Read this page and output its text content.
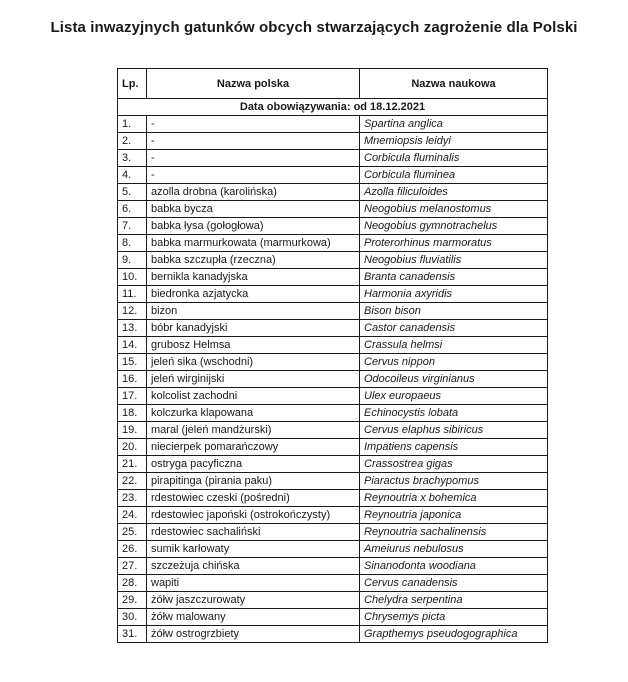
Lista inwazyjnych gatunków obcych stwarzających zagrożenie dla Polski
Lp.	Nazwa polska	Nazwa naukowa
Data obowiązywania: od 18.12.2021		
1.	-	Spartina anglica
2.	-	Mnemiopsis leidyi
3.	-	Corbicula fluminalis
4.	-	Corbicula fluminea
5.	azolla drobna (karolińska)	Azolla filiculoides
6.	babka bycza	Neogobius melanostomus
7.	babka łysa (gołogłowa)	Neogobius gymnotrachelus
8.	babka marmurkowata (marmurkowa)	Proterorhinus marmoratus
9.	babka szczupła (rzeczna)	Neogobius fluviatilis
10.	bernikla kanadyjska	Branta canadensis
11.	biedronka azjatycka	Harmonia axyridis
12.	bizon	Bison bison
13.	bóbr kanadyjski	Castor canadensis
14.	grubosz Helmsa	Crassula helmsi
15.	jeleń sika (wschodni)	Cervus nippon
16.	jeleń wirginijski	Odocoileus virginianus
17.	kolcolist zachodni	Ulex europaeus
18.	kolczurka klapowana	Echinocystis lobata
19.	maral (jeleń mandżurski)	Cervus elaphus sibiricus
20.	niecierpek pomarańczowy	Impatiens capensis
21.	ostryga pacyficzna	Crassostrea gigas
22.	pirapitinga (pirania paku)	Piaractus brachypomus
23.	rdestowiec czeski (pośredni)	Reynoutria x bohemica
24.	rdestowiec japoński (ostrokończysty)	Reynoutria japonica
25.	rdestowiec sachaliński	Reynoutria sachalinensis
26.	sumik karłowaty	Ameiurus nebulosus
27.	szczeżuja chińska	Sinanodonta woodiana
28.	wapiti	Cervus canadensis
29.	żółw jaszczurowaty	Chelydra serpentina
30.	żółw malowany	Chrysemys picta
31.	żółw ostrogrzbiety	Grapthemys pseudogographica
